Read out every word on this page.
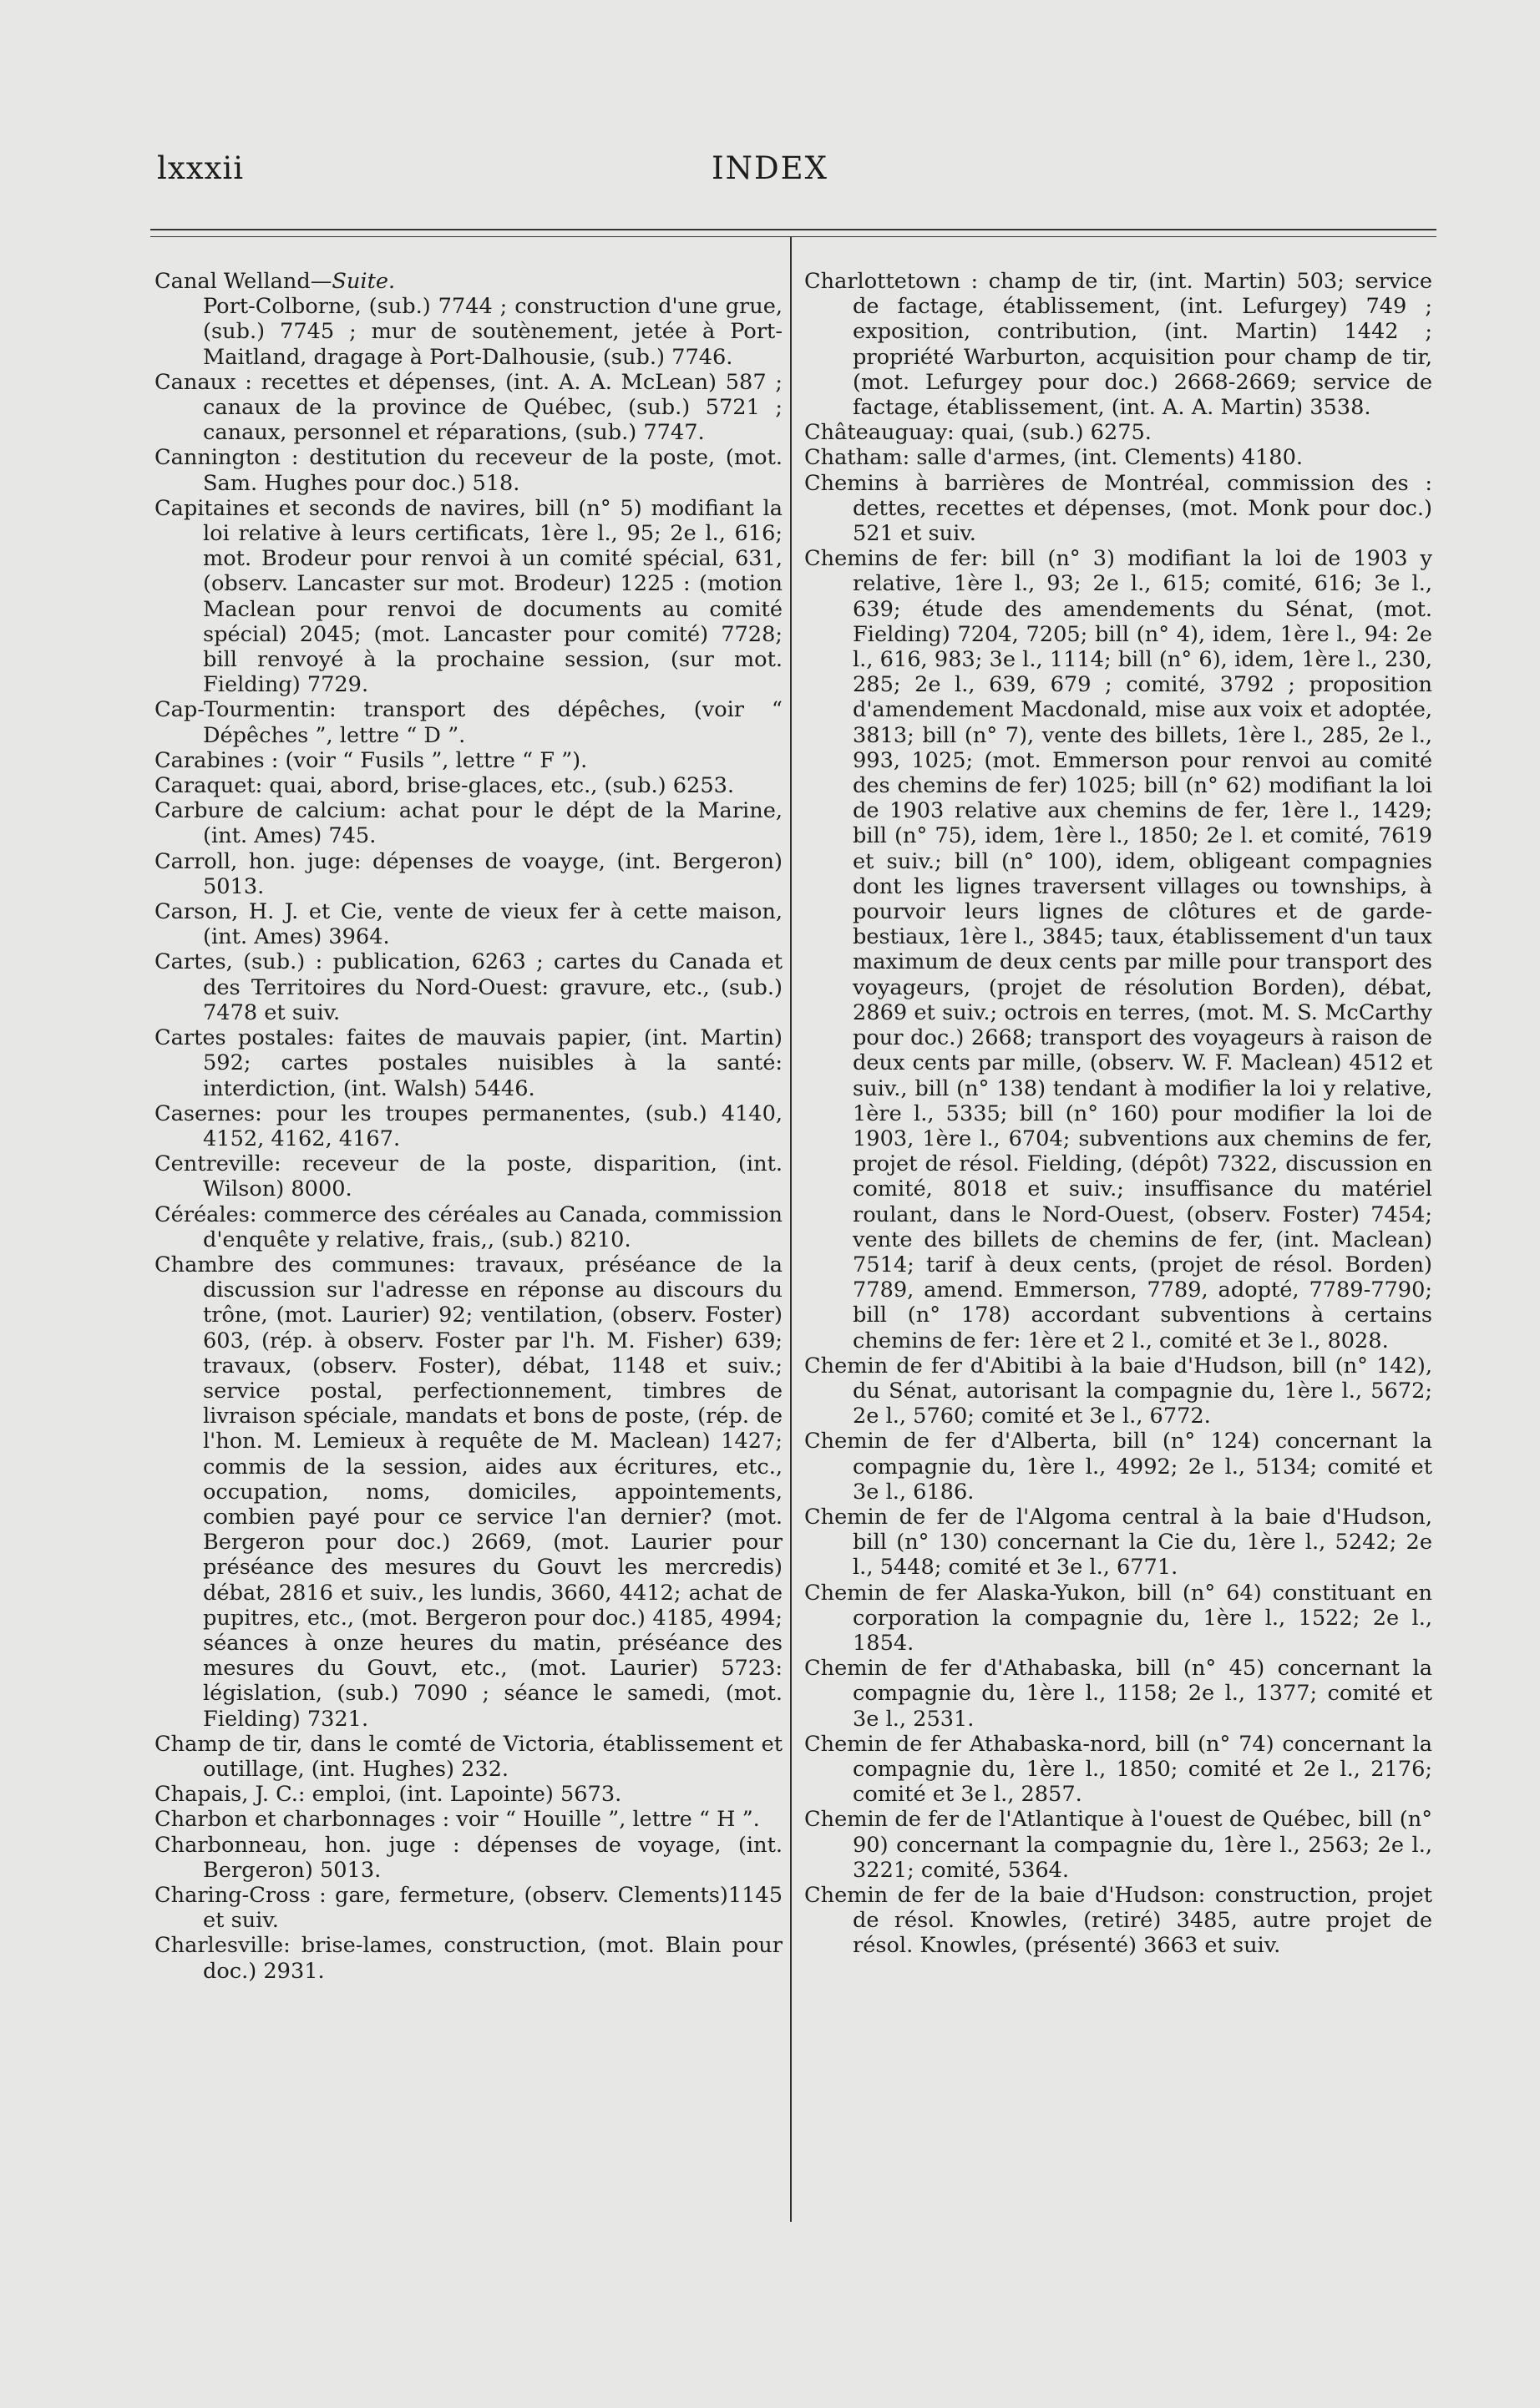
lxxxii	INDEX

Canal Welland—Suite.

Port-Colborne, (sub.) 7744 ; construction d'une grue, (sub.) 7745 ; mur de soutènement, jetée à Port-Maitland, dragage à Port-Dalhousie, (sub.) 7746.

Canaux : recettes et dépenses, (int. A. A. McLean) 587 ; canaux de la province de Québec, (sub.) 5721 ; canaux, personnel et réparations, (sub.) 7747.

Cannington : destitution du receveur de la poste, (mot. Sam. Hughes pour doc.) 518.

Capitaines et seconds de navires, bill (n° 5) modifiant la loi relative à leurs certificats, 1ère l., 95; 2e l., 616; mot. Brodeur pour renvoi à un comité spécial, 631, (observ. Lancaster sur mot. Brodeur) 1225 : (motion Maclean pour renvoi de documents au comité spécial) 2045; (mot. Lancaster pour comité) 7728; bill renvoyé à la prochaine session, (sur mot. Fielding) 7729.

Cap-Tourmentin: transport des dépêches, (voir “ Dépêches ”, lettre “ D ”.

Carabines : (voir “ Fusils ”, lettre “ F ”).

Caraquet: quai, abord, brise-glaces, etc., (sub.) 6253.

Carbure de calcium: achat pour le dépt de la Marine, (int. Ames) 745.

Carroll, hon. juge: dépenses de voayge, (int. Bergeron) 5013.

Carson, H. J. et Cie, vente de vieux fer à cette maison, (int. Ames) 3964.

Cartes, (sub.) : publication, 6263 ; cartes du Canada et des Territoires du Nord-Ouest: gravure, etc., (sub.) 7478 et suiv.

Cartes postales: faites de mauvais papier, (int. Martin) 592; cartes postales nuisibles à la santé: interdiction, (int. Walsh) 5446.

Casernes: pour les troupes permanentes, (sub.) 4140, 4152, 4162, 4167.

Centreville: receveur de la poste, disparition, (int. Wilson) 8000.

Céréales: commerce des céréales au Canada, commission d'enquête y relative, frais,, (sub.) 8210.

Chambre des communes: travaux, préséance de la discussion sur l'adresse en réponse au discours du trône, (mot. Laurier) 92; ventilation, (observ. Foster) 603, (rép. à observ. Foster par l'h. M. Fisher) 639; travaux, (observ. Foster), débat, 1148 et suiv.; service postal, perfectionnement, timbres de livraison spéciale, mandats et bons de poste, (rép. de l'hon. M. Lemieux à requête de M. Maclean) 1427; commis de la session, aides aux écritures, etc., occupation, noms, domiciles, appointements, combien payé pour ce service l'an dernier? (mot. Bergeron pour doc.) 2669, (mot. Laurier pour préséance des mesures du Gouvt les mercredis) débat, 2816 et suiv., les lundis, 3660, 4412; achat de pupitres, etc., (mot. Bergeron pour doc.) 4185, 4994; séances à onze heures du matin, préséance des mesures du Gouvt, etc., (mot. Laurier) 5723: législation, (sub.) 7090 ; séance le samedi, (mot. Fielding) 7321.

Champ de tir, dans le comté de Victoria, établissement et outillage, (int. Hughes) 232.

Chapais, J. C.: emploi, (int. Lapointe) 5673.

Charbon et charbonnages : voir “ Houille ”, lettre “ H ”.

Charbonneau, hon. juge : dépenses de voyage, (int. Bergeron) 5013.

Charing-Cross : gare, fermeture, (observ. Clements)1145 et suiv.

Charlesville: brise-lames, construction, (mot. Blain pour doc.) 2931.

Charlottetown : champ de tir, (int. Martin) 503; service de factage, établissement, (int. Lefurgey) 749 ; exposition, contribution, (int. Martin) 1442 ; propriété Warburton, acquisition pour champ de tir, (mot. Lefurgey pour doc.) 2668-2669; service de factage, établissement, (int. A. A. Martin) 3538.

Châteauguay: quai, (sub.) 6275.

Chatham: salle d'armes, (int. Clements) 4180.

Chemins à barrières de Montréal, commission des : dettes, recettes et dépenses, (mot. Monk pour doc.) 521 et suiv.

Chemins de fer: bill (n° 3) modifiant la loi de 1903 y relative, 1ère l., 93; 2e l., 615; comité, 616; 3e l., 639; étude des amendements du Sénat, (mot. Fielding) 7204, 7205; bill (n° 4), idem, 1ère l., 94: 2e l., 616, 983; 3e l., 1114; bill (n° 6), idem, 1ère l., 230, 285; 2e l., 639, 679 ; comité, 3792 ; proposition d'amendement Macdonald, mise aux voix et adoptée, 3813; bill (n° 7), vente des billets, 1ère l., 285, 2e l., 993, 1025; (mot. Emmerson pour renvoi au comité des chemins de fer) 1025; bill (n° 62) modifiant la loi de 1903 relative aux chemins de fer, 1ère l., 1429; bill (n° 75), idem, 1ère l., 1850; 2e l. et comité, 7619 et suiv.; bill (n° 100), idem, obligeant compagnies dont les lignes traversent villages ou townships, à pourvoir leurs lignes de clôtures et de garde-bestiaux, 1ère l., 3845; taux, établissement d'un taux maximum de deux cents par mille pour transport des voyageurs, (projet de résolution Borden), débat, 2869 et suiv.; octrois en terres, (mot. M. S. McCarthy pour doc.) 2668; transport des voyageurs à raison de deux cents par mille, (observ. W. F. Maclean) 4512 et suiv., bill (n° 138) tendant à modifier la loi y relative, 1ère l., 5335; bill (n° 160) pour modifier la loi de 1903, 1ère l., 6704; subventions aux chemins de fer, projet de résol. Fielding, (dépôt) 7322, discussion en comité, 8018 et suiv.; insuffisance du matériel roulant, dans le Nord-Ouest, (observ. Foster) 7454; vente des billets de chemins de fer, (int. Maclean) 7514; tarif à deux cents, (projet de résol. Borden) 7789, amend. Emmerson, 7789, adopté, 7789-7790; bill (n° 178) accordant subventions à certains chemins de fer: 1ère et 2 l., comité et 3e l., 8028.

Chemin de fer d'Abitibi à la baie d'Hudson, bill (n° 142), du Sénat, autorisant la compagnie du, 1ère l., 5672; 2e l., 5760; comité et 3e l., 6772.

Chemin de fer d'Alberta, bill (n° 124) concernant la compagnie du, 1ère l., 4992; 2e l., 5134; comité et 3e l., 6186.

Chemin de fer de l'Algoma central à la baie d'Hudson, bill (n° 130) concernant la Cie du, 1ère l., 5242; 2e l., 5448; comité et 3e l., 6771.

Chemin de fer Alaska-Yukon, bill (n° 64) constituant en corporation la compagnie du, 1ère l., 1522; 2e l., 1854.

Chemin de fer d'Athabaska, bill (n° 45) concernant la compagnie du, 1ère l., 1158; 2e l., 1377; comité et 3e l., 2531.

Chemin de fer Athabaska-nord, bill (n° 74) concernant la compagnie du, 1ère l., 1850; comité et 2e l., 2176; comité et 3e l., 2857.

Chemin de fer de l'Atlantique à l'ouest de Québec, bill (n° 90) concernant la compagnie du, 1ère l., 2563; 2e l., 3221; comité, 5364.

Chemin de fer de la baie d'Hudson: construction, projet de résol. Knowles, (retiré) 3485, autre projet de résol. Knowles, (présenté) 3663 et suiv.
